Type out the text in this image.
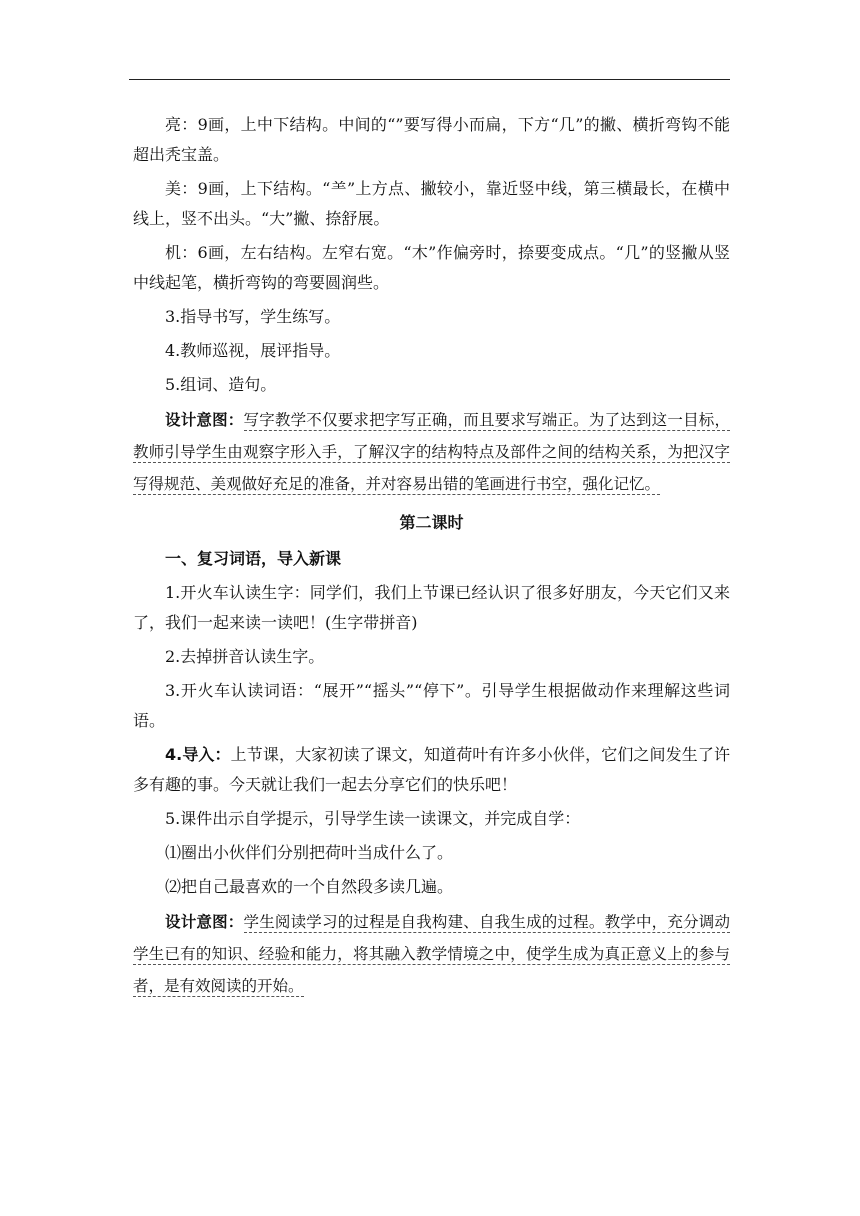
亮：9画，上中下结构。中间的“”要写得小而扁，下方“几”的撇、横折弯钩不能超出秃宝盖。

美：9画，上下结构。“⺷”上方点、撇较小，靠近竖中线，第三横最长，在横中线上，竖不出头。“大”撇、捺舒展。

机：6画，左右结构。左窄右宽。“木”作偏旁时，捺要变成点。“几”的竖撇从竖中线起笔，横折弯钩的弯要圆润些。

3.指导书写，学生练写。

4.教师巡视，展评指导。

5.组词、造句。

设计意图：写字教学不仅要求把字写正确，而且要求写端正。为了达到这一目标，教师引导学生由观察字形入手，了解汉字的结构特点及部件之间的结构关系，为把汉字写得规范、美观做好充足的准备，并对容易出错的笔画进行书空，强化记忆。

第二课时

一、复习词语，导入新课

1.开火车认读生字：同学们，我们上节课已经认识了很多好朋友，今天它们又来了，我们一起来读一读吧！(生字带拼音)

2.去掉拼音认读生字。

3.开火车认读词语：“展开”“摇头”“停下”。引导学生根据做动作来理解这些词语。

4.导入：上节课，大家初读了课文，知道荷叶有许多小伙伴，它们之间发生了许多有趣的事。今天就让我们一起去分享它们的快乐吧！

5.课件出示自学提示，引导学生读一读课文，并完成自学：

⑴圈出小伙伴们分别把荷叶当成什么了。

⑵把自己最喜欢的一个自然段多读几遍。

设计意图：学生阅读学习的过程是自我构建、自我生成的过程。教学中，充分调动学生已有的知识、经验和能力，将其融入教学情境之中，使学生成为真正意义上的参与者，是有效阅读的开始。
